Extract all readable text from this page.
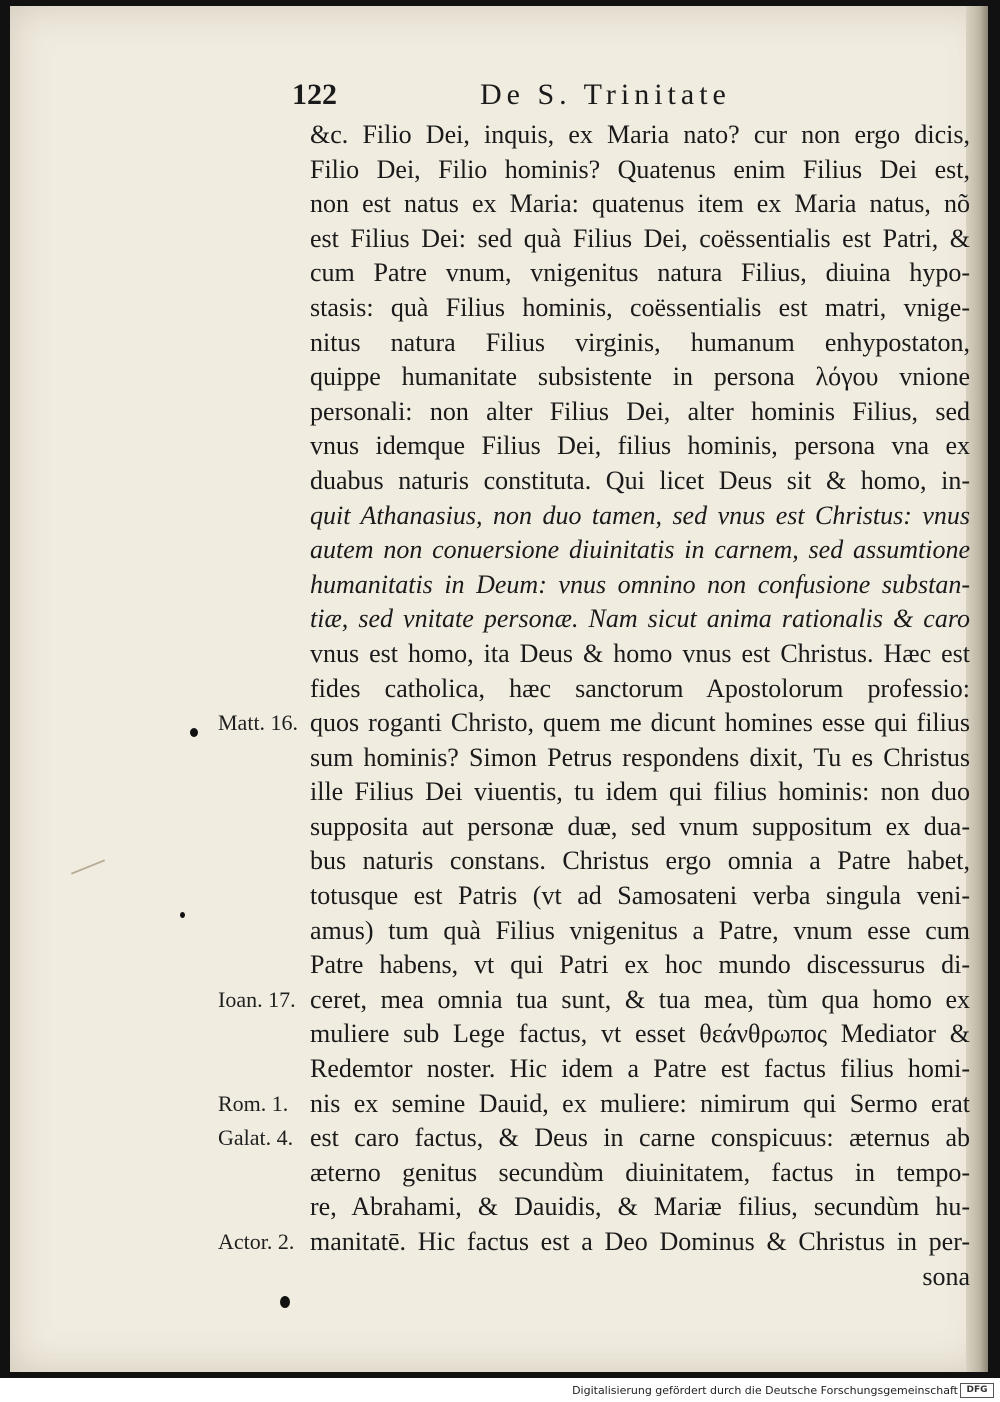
122	De S. Trinitate
&c. Filio Dei, inquis, ex Maria nato? cur non ergo dicis,
Filio Dei, Filio hominis? Quatenus enim Filius Dei est,
non est natus ex Maria: quatenus item ex Maria natus, nõ
est Filius Dei: sed quà Filius Dei, coëssentialis est Patri, &
cum Patre vnum, vnigenitus natura Filius, diuina hypo-
stasis: quà Filius hominis, coëssentialis est matri, vnige-
nitus natura Filius virginis, humanum enhypostaton,
quippe humanitate subsistente in persona λόγου vnione
personali: non alter Filius Dei, alter hominis Filius, sed
vnus idemque Filius Dei, filius hominis, persona vna ex
duabus naturis constituta. Qui licet Deus sit & homo, in-
quit Athanasius, non duo tamen, sed vnus est Christus: vnus
autem non conuersione diuinitatis in carnem, sed assumtione
humanitatis in Deum: vnus omnino non confusione substan-
tiæ, sed vnitate personæ. Nam sicut anima rationalis & caro
vnus est homo, ita Deus & homo vnus est Christus. Hæc est
fides catholica, hæc sanctorum Apostolorum professio:
quos roganti Christo, quem me dicunt homines esse qui filius
sum hominis? Simon Petrus respondens dixit, Tu es Christus
ille Filius Dei viuentis, tu idem qui filius hominis: non duo
supposita aut personæ duæ, sed vnum suppositum ex dua-
bus naturis constans. Christus ergo omnia a Patre habet,
totusque est Patris (vt ad Samosateni verba singula veni-
amus) tum quà Filius vnigenitus a Patre, vnum esse cum
Patre habens, vt qui Patri ex hoc mundo discessurus di-
ceret, mea omnia tua sunt, & tua mea, tùm qua homo ex
muliere sub Lege factus, vt esset θεάνθρωπος Mediator &
Redemtor noster. Hic idem a Patre est factus filius homi-
nis ex semine Dauid, ex muliere: nimirum qui Sermo erat
est caro factus, & Deus in carne conspicuus: æternus ab
æterno genitus secundùm diuinitatem, factus in tempo-
re, Abrahami, & Dauidis, & Mariæ filius, secundùm hu-
manitatē. Hic factus est a Deo Dominus & Christus in per-
sona
Matt. 16.
Ioan. 17.
Rom. 1.
Galat. 4.
Actor. 2.
Digitalisierung gefördert durch die Deutsche Forschungsgemeinschaft DFG
